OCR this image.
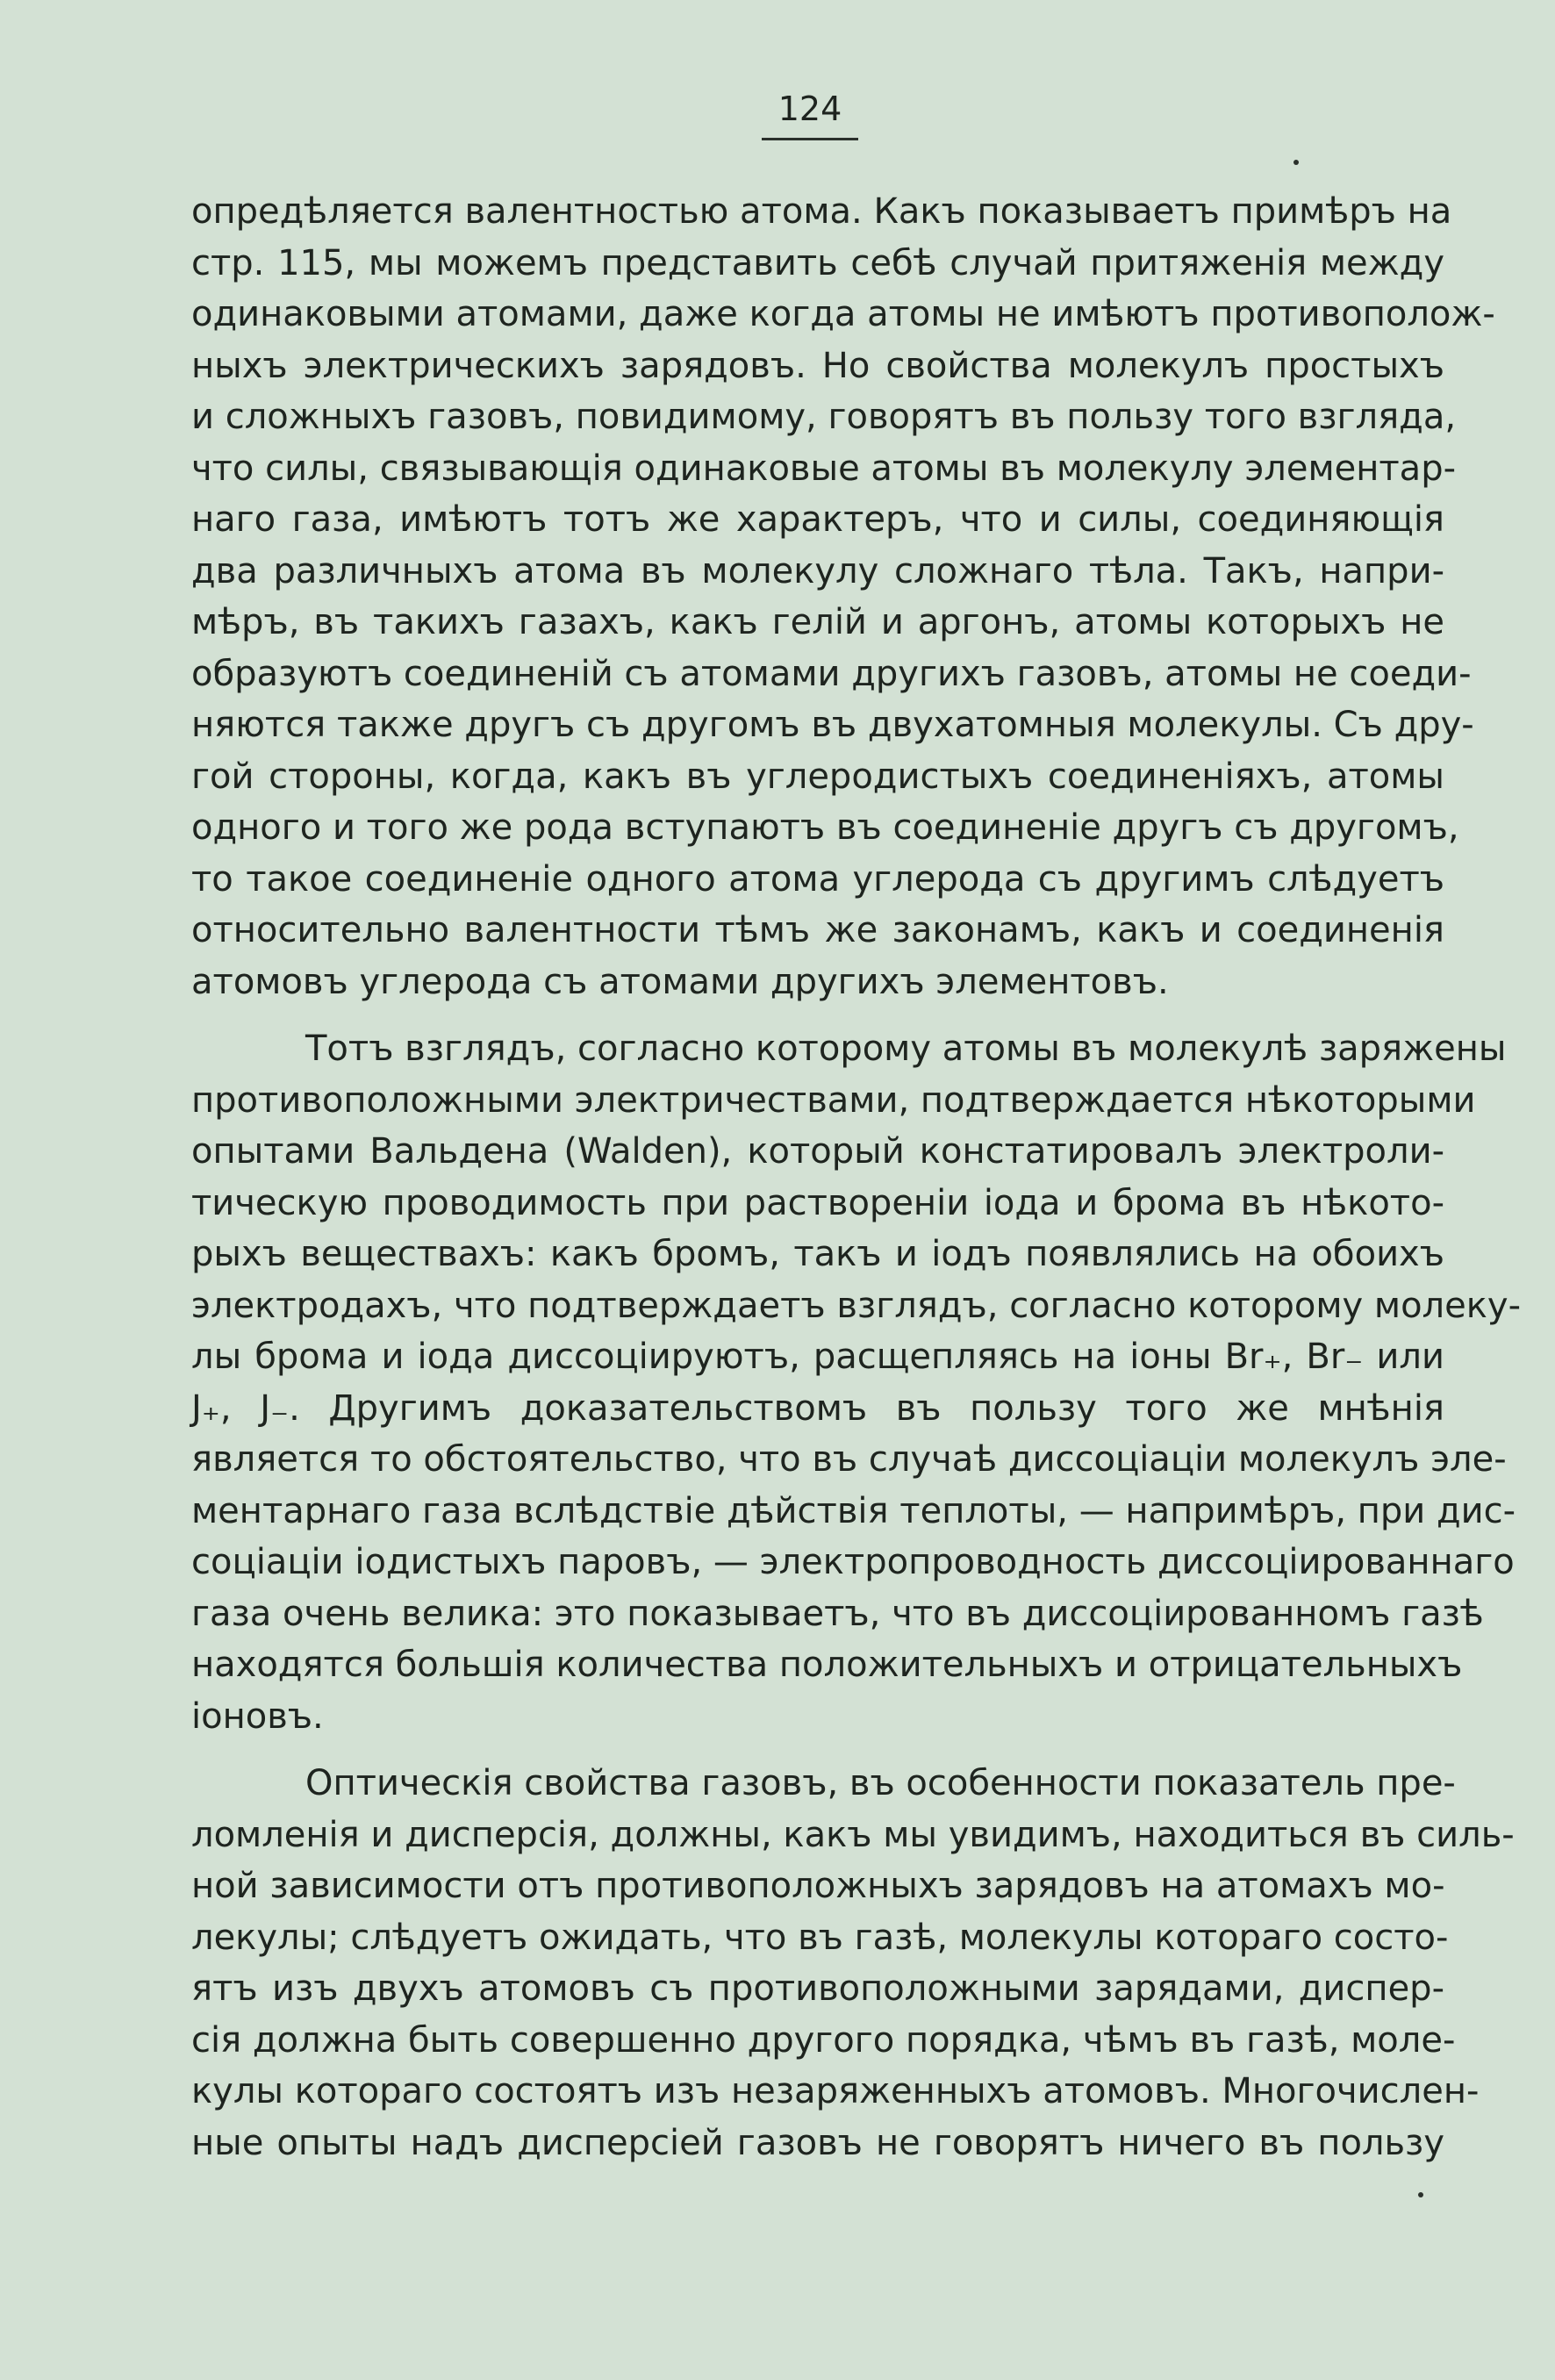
124
опредѣляется валентностью атома. Какъ показываетъ примѣръ на
стр. 115, мы можемъ представить себѣ случай притяженія между
одинаковыми атомами, даже когда атомы не имѣютъ противополож-
ныхъ электрическихъ зарядовъ. Но свойства молекулъ простыхъ
и сложныхъ газовъ, повидимому, говорятъ въ пользу того взгляда,
что силы, связывающія одинаковые атомы въ молекулу элементар-
наго газа, имѣютъ тотъ же характеръ, что и силы, соединяющія
два различныхъ атома въ молекулу сложнаго тѣла. Такъ, напри-
мѣръ, въ такихъ газахъ, какъ гелій и аргонъ, атомы которыхъ не
образуютъ соединеній съ атомами другихъ газовъ, атомы не соеди-
няются также другъ съ другомъ въ двухатомныя молекулы. Съ дру-
гой стороны, когда, какъ въ углеродистыхъ соединеніяхъ, атомы
одного и того же рода вступаютъ въ соединеніе другъ съ другомъ,
то такое соединеніе одного атома углерода съ другимъ слѣдуетъ
относительно валентности тѣмъ же законамъ, какъ и соединенія
атомовъ углерода съ атомами другихъ элементовъ.
Тотъ взглядъ, согласно которому атомы въ молекулѣ заряжены
противоположными электричествами, подтверждается нѣкоторыми
опытами Вальдена (Walden), который констатировалъ электроли-
тическую проводимость при раствореніи іода и брома въ нѣкото-
рыхъ веществахъ: какъ бромъ, такъ и іодъ появлялись на обоихъ
электродахъ, что подтверждаетъ взглядъ, согласно которому молеку-
лы брома и іода диссоціируютъ, расщепляясь на іоны Br₊, Br₋ или
J₊, J₋. Другимъ доказательствомъ въ пользу того же мнѣнія
является то обстоятельство, что въ случаѣ диссоціаціи молекулъ эле-
ментарнаго газа вслѣдствіе дѣйствія теплоты, — напримѣръ, при дис-
соціаціи іодистыхъ паровъ, — электропроводность диссоціированнаго
газа очень велика: это показываетъ, что въ диссоціированномъ газѣ
находятся большія количества положительныхъ и отрицательныхъ
іоновъ.
Оптическія свойства газовъ, въ особенности показатель пре-
ломленія и дисперсія, должны, какъ мы увидимъ, находиться въ силь-
ной зависимости отъ противоположныхъ зарядовъ на атомахъ мо-
лекулы; слѣдуетъ ожидать, что въ газѣ, молекулы котораго состо-
ятъ изъ двухъ атомовъ съ противоположными зарядами, диспер-
сія должна быть совершенно другого порядка, чѣмъ въ газѣ, моле-
кулы котораго состоятъ изъ незаряженныхъ атомовъ. Многочислен-
ные опыты надъ дисперсіей газовъ не говорятъ ничего въ пользу
